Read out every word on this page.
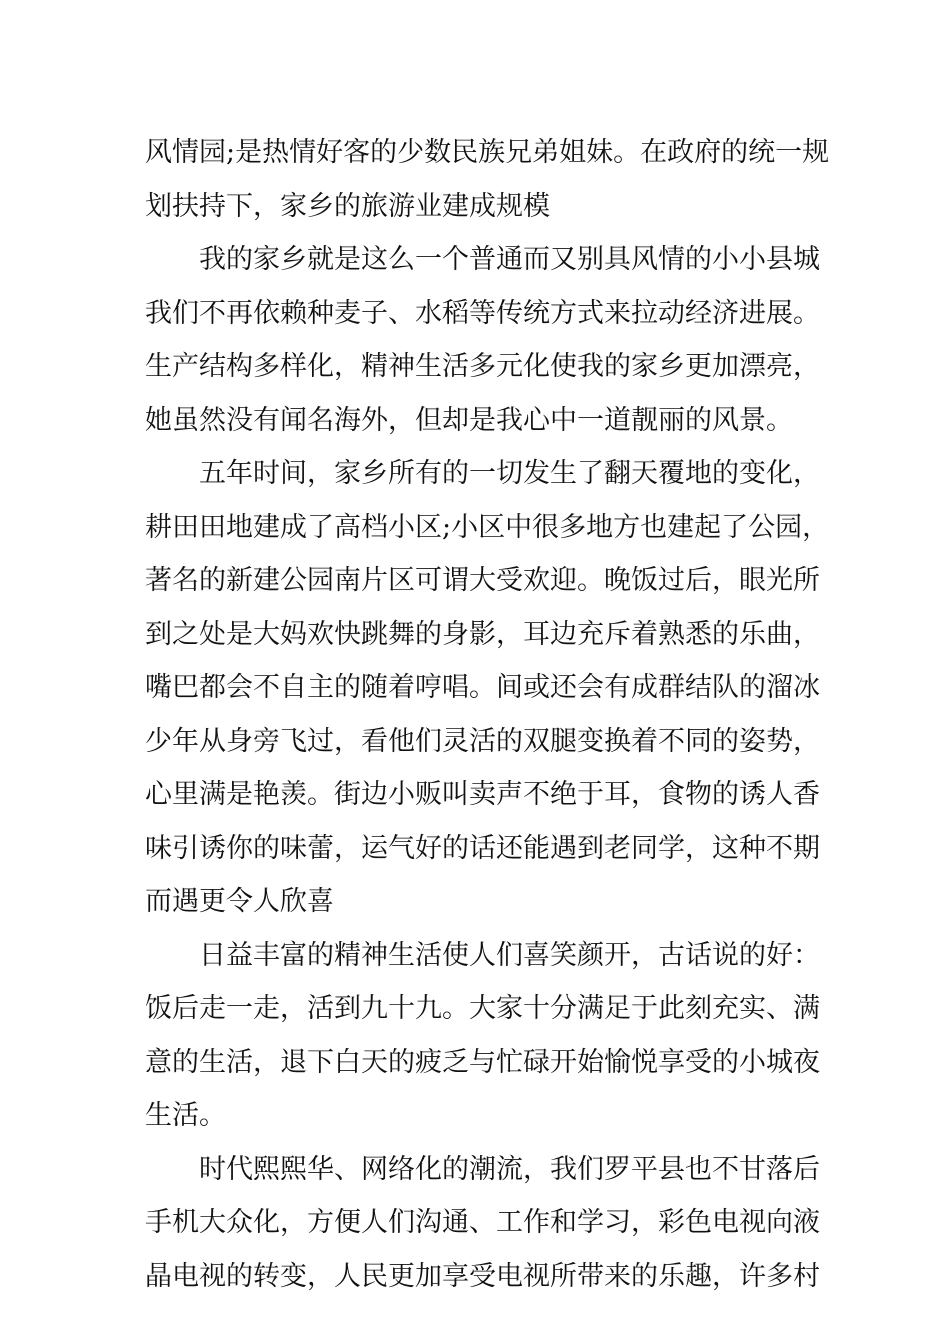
风情园;是热情好客的少数民族兄弟姐妹。在政府的统一规
划扶持下，家乡的旅游业建成规模
我的家乡就是这么一个普通而又别具风情的小小县城
我们不再依赖种麦子、水稻等传统方式来拉动经济进展。
生产结构多样化，精神生活多元化使我的家乡更加漂亮，
她虽然没有闻名海外，但却是我心中一道靓丽的风景。
五年时间，家乡所有的一切发生了翻天覆地的变化，
耕田田地建成了高档小区;小区中很多地方也建起了公园，
著名的新建公园南片区可谓大受欢迎。晚饭过后，眼光所
到之处是大妈欢快跳舞的身影，耳边充斥着熟悉的乐曲，
嘴巴都会不自主的随着哼唱。间或还会有成群结队的溜冰
少年从身旁飞过，看他们灵活的双腿变换着不同的姿势，
心里满是艳羡。街边小贩叫卖声不绝于耳，食物的诱人香
味引诱你的味蕾，运气好的话还能遇到老同学，这种不期
而遇更令人欣喜
日益丰富的精神生活使人们喜笑颜开，古话说的好：
饭后走一走，活到九十九。大家十分满足于此刻充实、满
意的生活，退下白天的疲乏与忙碌开始愉悦享受的小城夜
生活。
时代熙熙华、网络化的潮流，我们罗平县也不甘落后
手机大众化，方便人们沟通、工作和学习，彩色电视向液
晶电视的转变，人民更加享受电视所带来的乐趣，许多村
